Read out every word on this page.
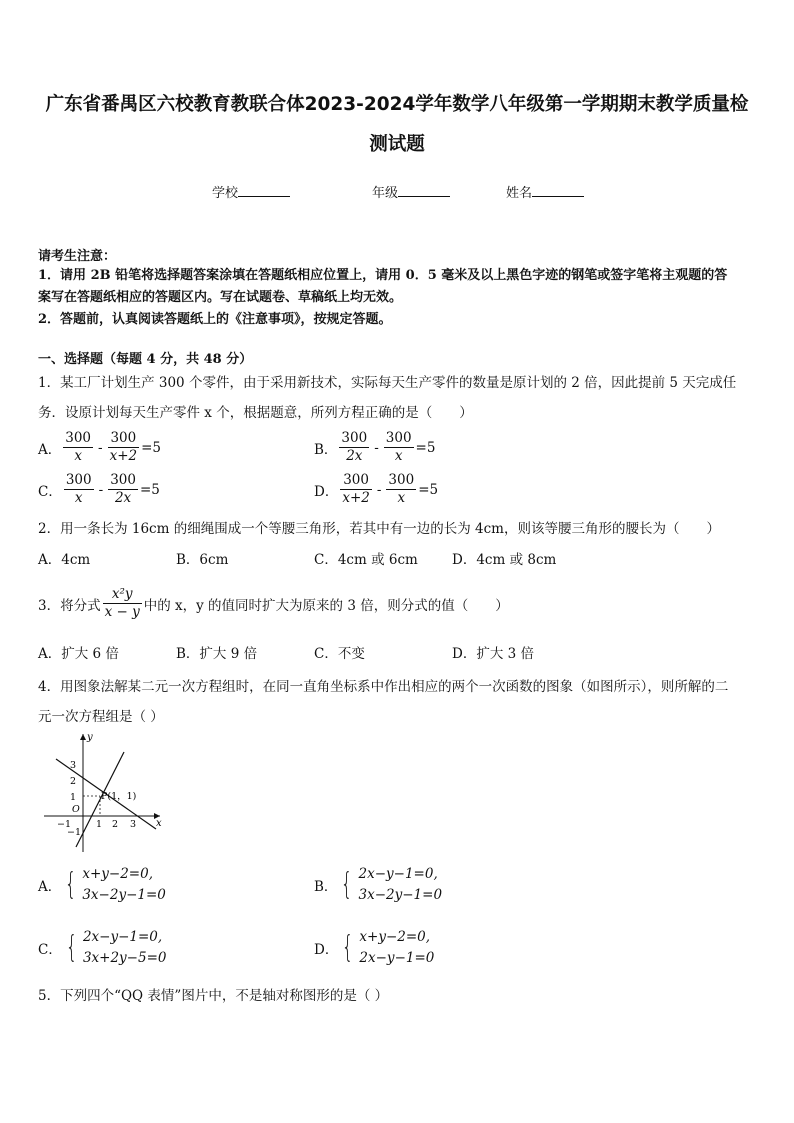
广东省番禺区六校教育教联合体2023-2024学年数学八年级第一学期期末教学质量检
测试题
学校	年级	姓名
请考生注意：
1．请用 2B 铅笔将选择题答案涂填在答题纸相应位置上，请用 0．5 毫米及以上黑色字迹的钢笔或签字笔将主观题的答
案写在答题纸相应的答题区内。写在试题卷、草稿纸上均无效。
2．答题前，认真阅读答题纸上的《注意事项》，按规定答题。
一、选择题（每题 4 分，共 48 分）
1．某工厂计划生产 300 个零件，由于采用新技术，实际每天生产零件的数量是原计划的 2 倍，因此提前 5 天完成任
务．设原计划每天生产零件 x 个，根据题意，所列方程正确的是（　　）
A． $\frac{300}{x} - \frac{300}{x+2} =5$	B． $\frac{300}{2x} - \frac{300}{x} =5$
C． $\frac{300}{x} - \frac{300}{2x} =5$	D． $\frac{300}{x+2} - \frac{300}{x} =5$
2．用一条长为 16cm 的细绳围成一个等腰三角形，若其中有一边的长为 4cm，则该等腰三角形的腰长为（　　）
A．4cm	B．6cm	C．4cm 或 6cm	D．4cm 或 8cm
3．将分式 $\frac{\text{x²y}}{x - y}$ 中的 x，y 的值同时扩大为原来的 3 倍，则分式的值（　　）
A．扩大 6 倍	B．扩大 9 倍	C．不变	D．扩大 3 倍
4．用图象法解某二元一次方程组时，在同一直角坐标系中作出相应的两个一次函数的图象（如图所示），则所解的二
元一次方程组是（ ）
y
x
O
P(1，1)
−1	1 2 3
3
2
1
−1
A． { x+y−2=0,
3x−2y−1=0	B． { 2x−y−1=0,
3x−2y−1=0
C． { 2x−y−1=0,
3x+2y−5=0	D． { x+y−2=0,
2x−y−1=0
5．下列四个“QQ 表情”图片中，不是轴对称图形的是（ ）
